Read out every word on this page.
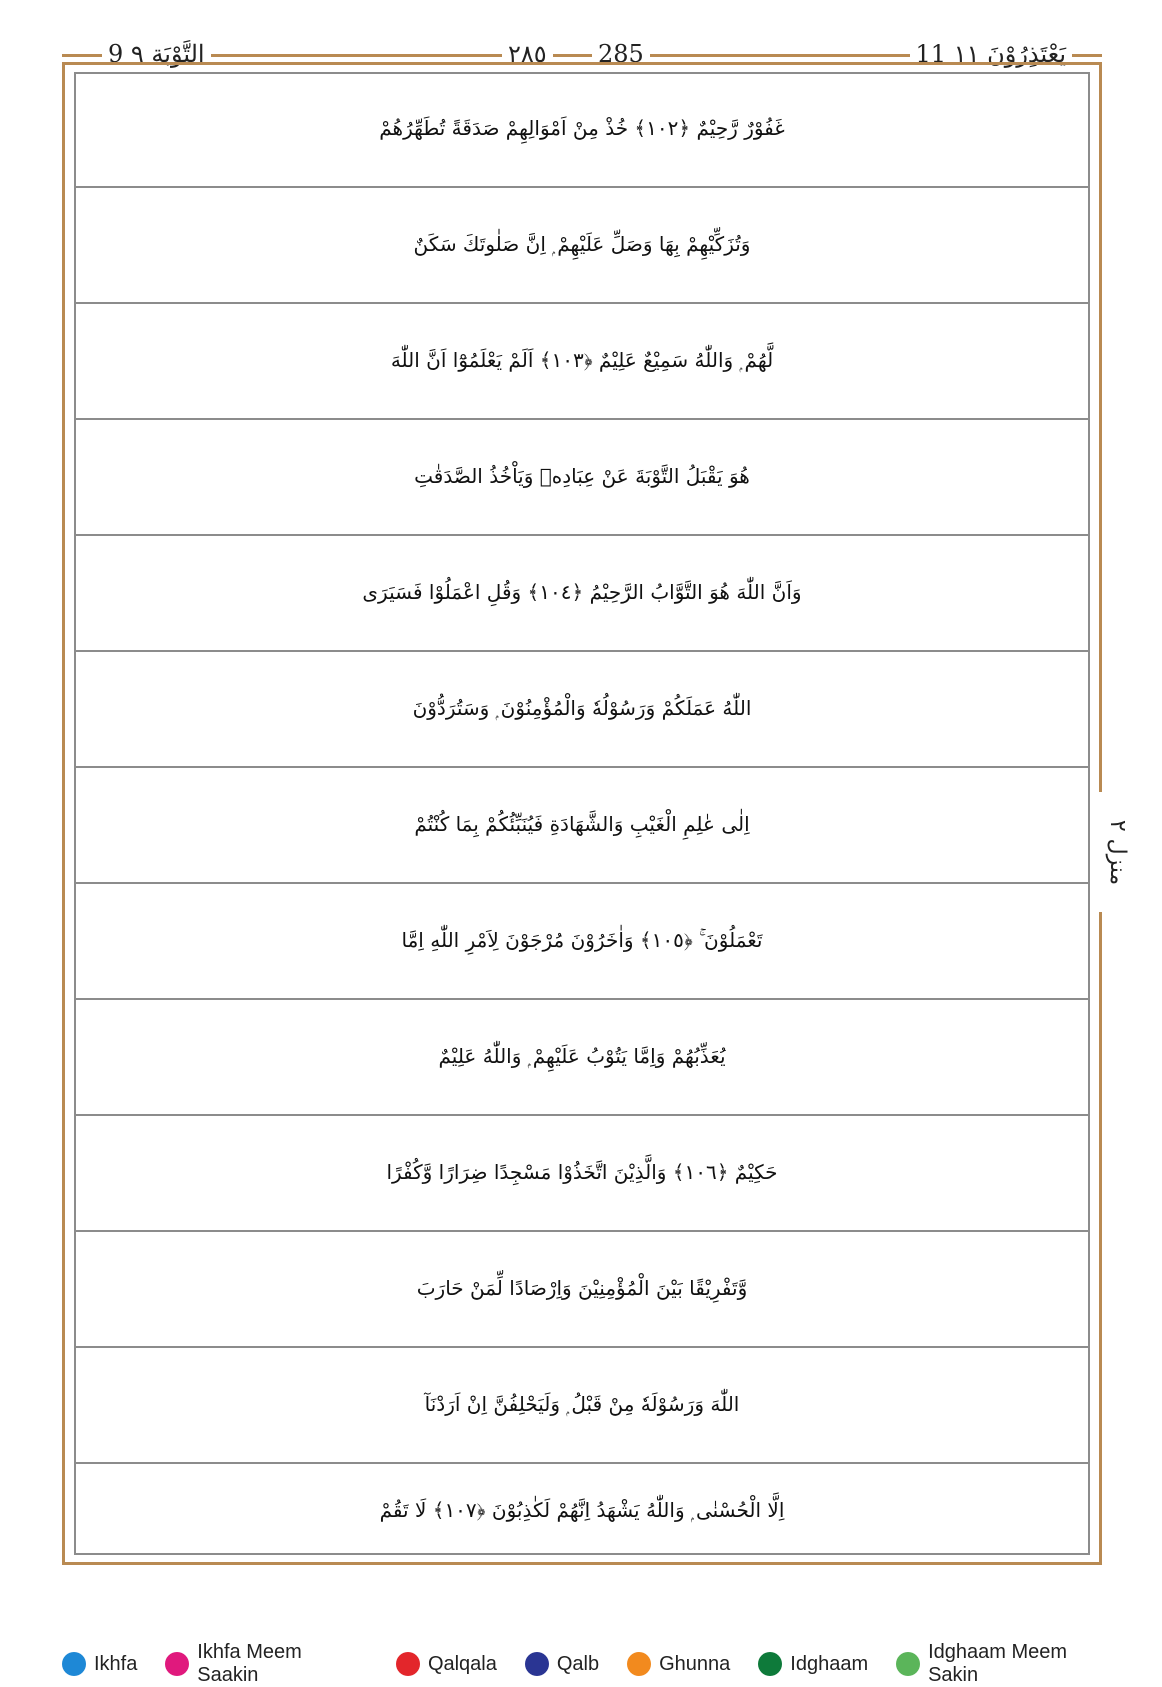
9 التَّوْبَة ٩	٢٨٥ 285	11 يَعْتَذِرُوْنَ ١١
غَفُوْرٌ رَّحِيْمٌ ﴿١٠٢﴾ خُذْ مِنْ اَمْوَالِهِمْ صَدَقَةً تُطَهِّرُهُمْ
وَتُزَكِّيْهِمْ بِهَا وَصَلِّ عَلَيْهِمْ ۭ اِنَّ صَلٰوتَكَ سَكَنٌ
لَّهُمْ ۭ وَاللّٰهُ سَمِيْعٌ عَلِيْمٌ ﴿١٠٣﴾ اَلَمْ يَعْلَمُوْٓا اَنَّ اللّٰهَ
هُوَ يَقْبَلُ التَّوْبَةَ عَنْ عِبَادِهٖ وَيَاْخُذُ الصَّدَقٰتِ
وَاَنَّ اللّٰهَ هُوَ التَّوَّابُ الرَّحِيْمُ ﴿١٠٤﴾ وَقُلِ اعْمَلُوْا فَسَيَرَى
اللّٰهُ عَمَلَكُمْ وَرَسُوْلُهٗ وَالْمُؤْمِنُوْنَ ۭ وَسَتُرَدُّوْنَ
اِلٰى عٰلِمِ الْغَيْبِ وَالشَّهَادَةِ فَيُنَبِّئُكُمْ بِمَا كُنْتُمْ
تَعْمَلُوْنَ ۚ ﴿١٠٥﴾ وَاٰخَرُوْنَ مُرْجَوْنَ لِاَمْرِ اللّٰهِ اِمَّا
يُعَذِّبُهُمْ وَاِمَّا يَتُوْبُ عَلَيْهِمْ ۭ وَاللّٰهُ عَلِيْمٌ
حَكِيْمٌ ﴿١٠٦﴾ وَالَّذِيْنَ اتَّخَذُوْا مَسْجِدًا ضِرَارًا وَّكُفْرًا
وَّتَفْرِيْقًا بَيْنَ الْمُؤْمِنِيْنَ وَاِرْصَادًا لِّمَنْ حَارَبَ
اللّٰهَ وَرَسُوْلَهٗ مِنْ قَبْلُ ۭ وَلَيَحْلِفُنَّ اِنْ اَرَدْنَآ
اِلَّا الْحُسْنٰى ۭ وَاللّٰهُ يَشْهَدُ اِنَّهُمْ لَكٰذِبُوْنَ ﴿١٠٧﴾ لَا تَقُمْ
منزل ٢
Ikhfa
Ikhfa Meem Saakin
Qalqala	Qalb	Ghunna	Idghaam
Idghaam Meem Sakin
